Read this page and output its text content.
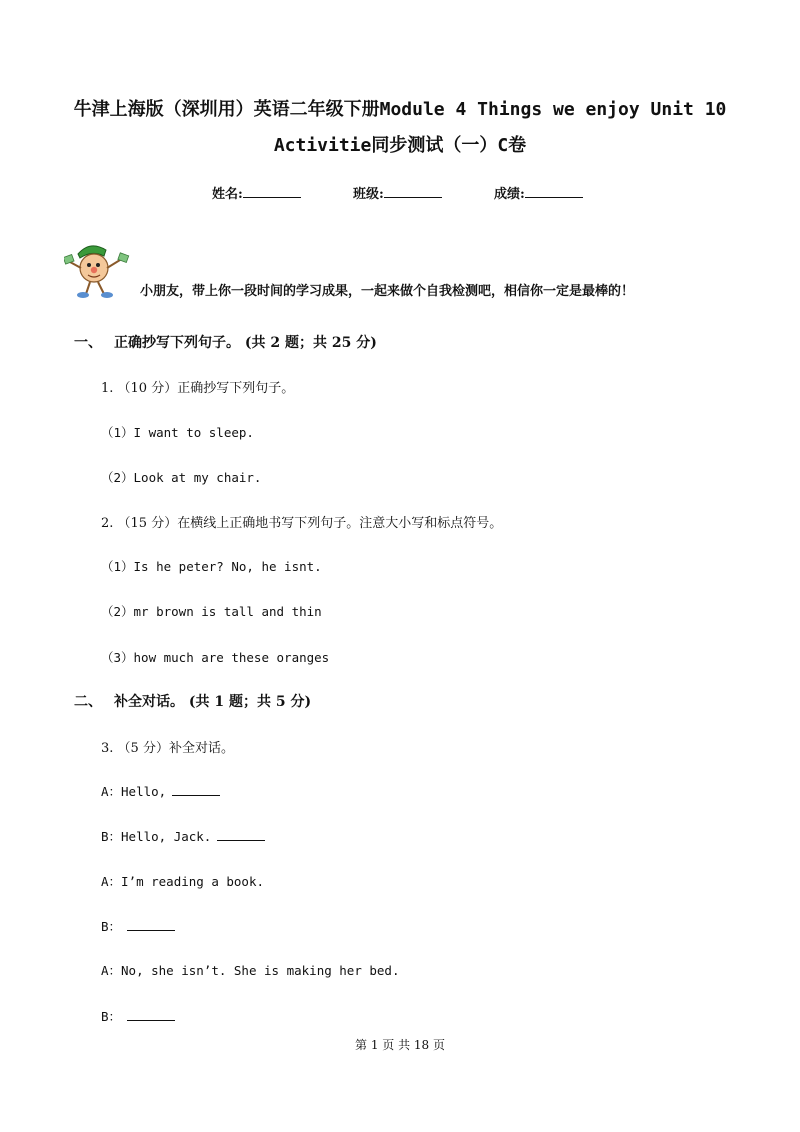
牛津上海版（深圳用）英语二年级下册Module 4 Things we enjoy Unit 10
Activitie同步测试（一）C卷
姓名:	班级:	成绩:
小朋友，带上你一段时间的学习成果，一起来做个自我检测吧，相信你一定是最棒的！
一、 正确抄写下列句子。 (共 2 题；共 25 分)
1. （10 分）正确抄写下列句子。
（1）I want to sleep.
（2）Look at my chair.
2. （15 分）在横线上正确地书写下列句子。注意大小写和标点符号。
（1）Is he peter? No, he isnt.
（2）mr brown is tall and thin
（3）how much are these oranges
二、 补全对话。 (共 1 题；共 5 分)
3. （5 分）补全对话。
A：Hello,
B：Hello, Jack.
A：I’m reading a book.
B：
A：No, she isn’t. She is making her bed.
B：
第 1 页 共 18 页
